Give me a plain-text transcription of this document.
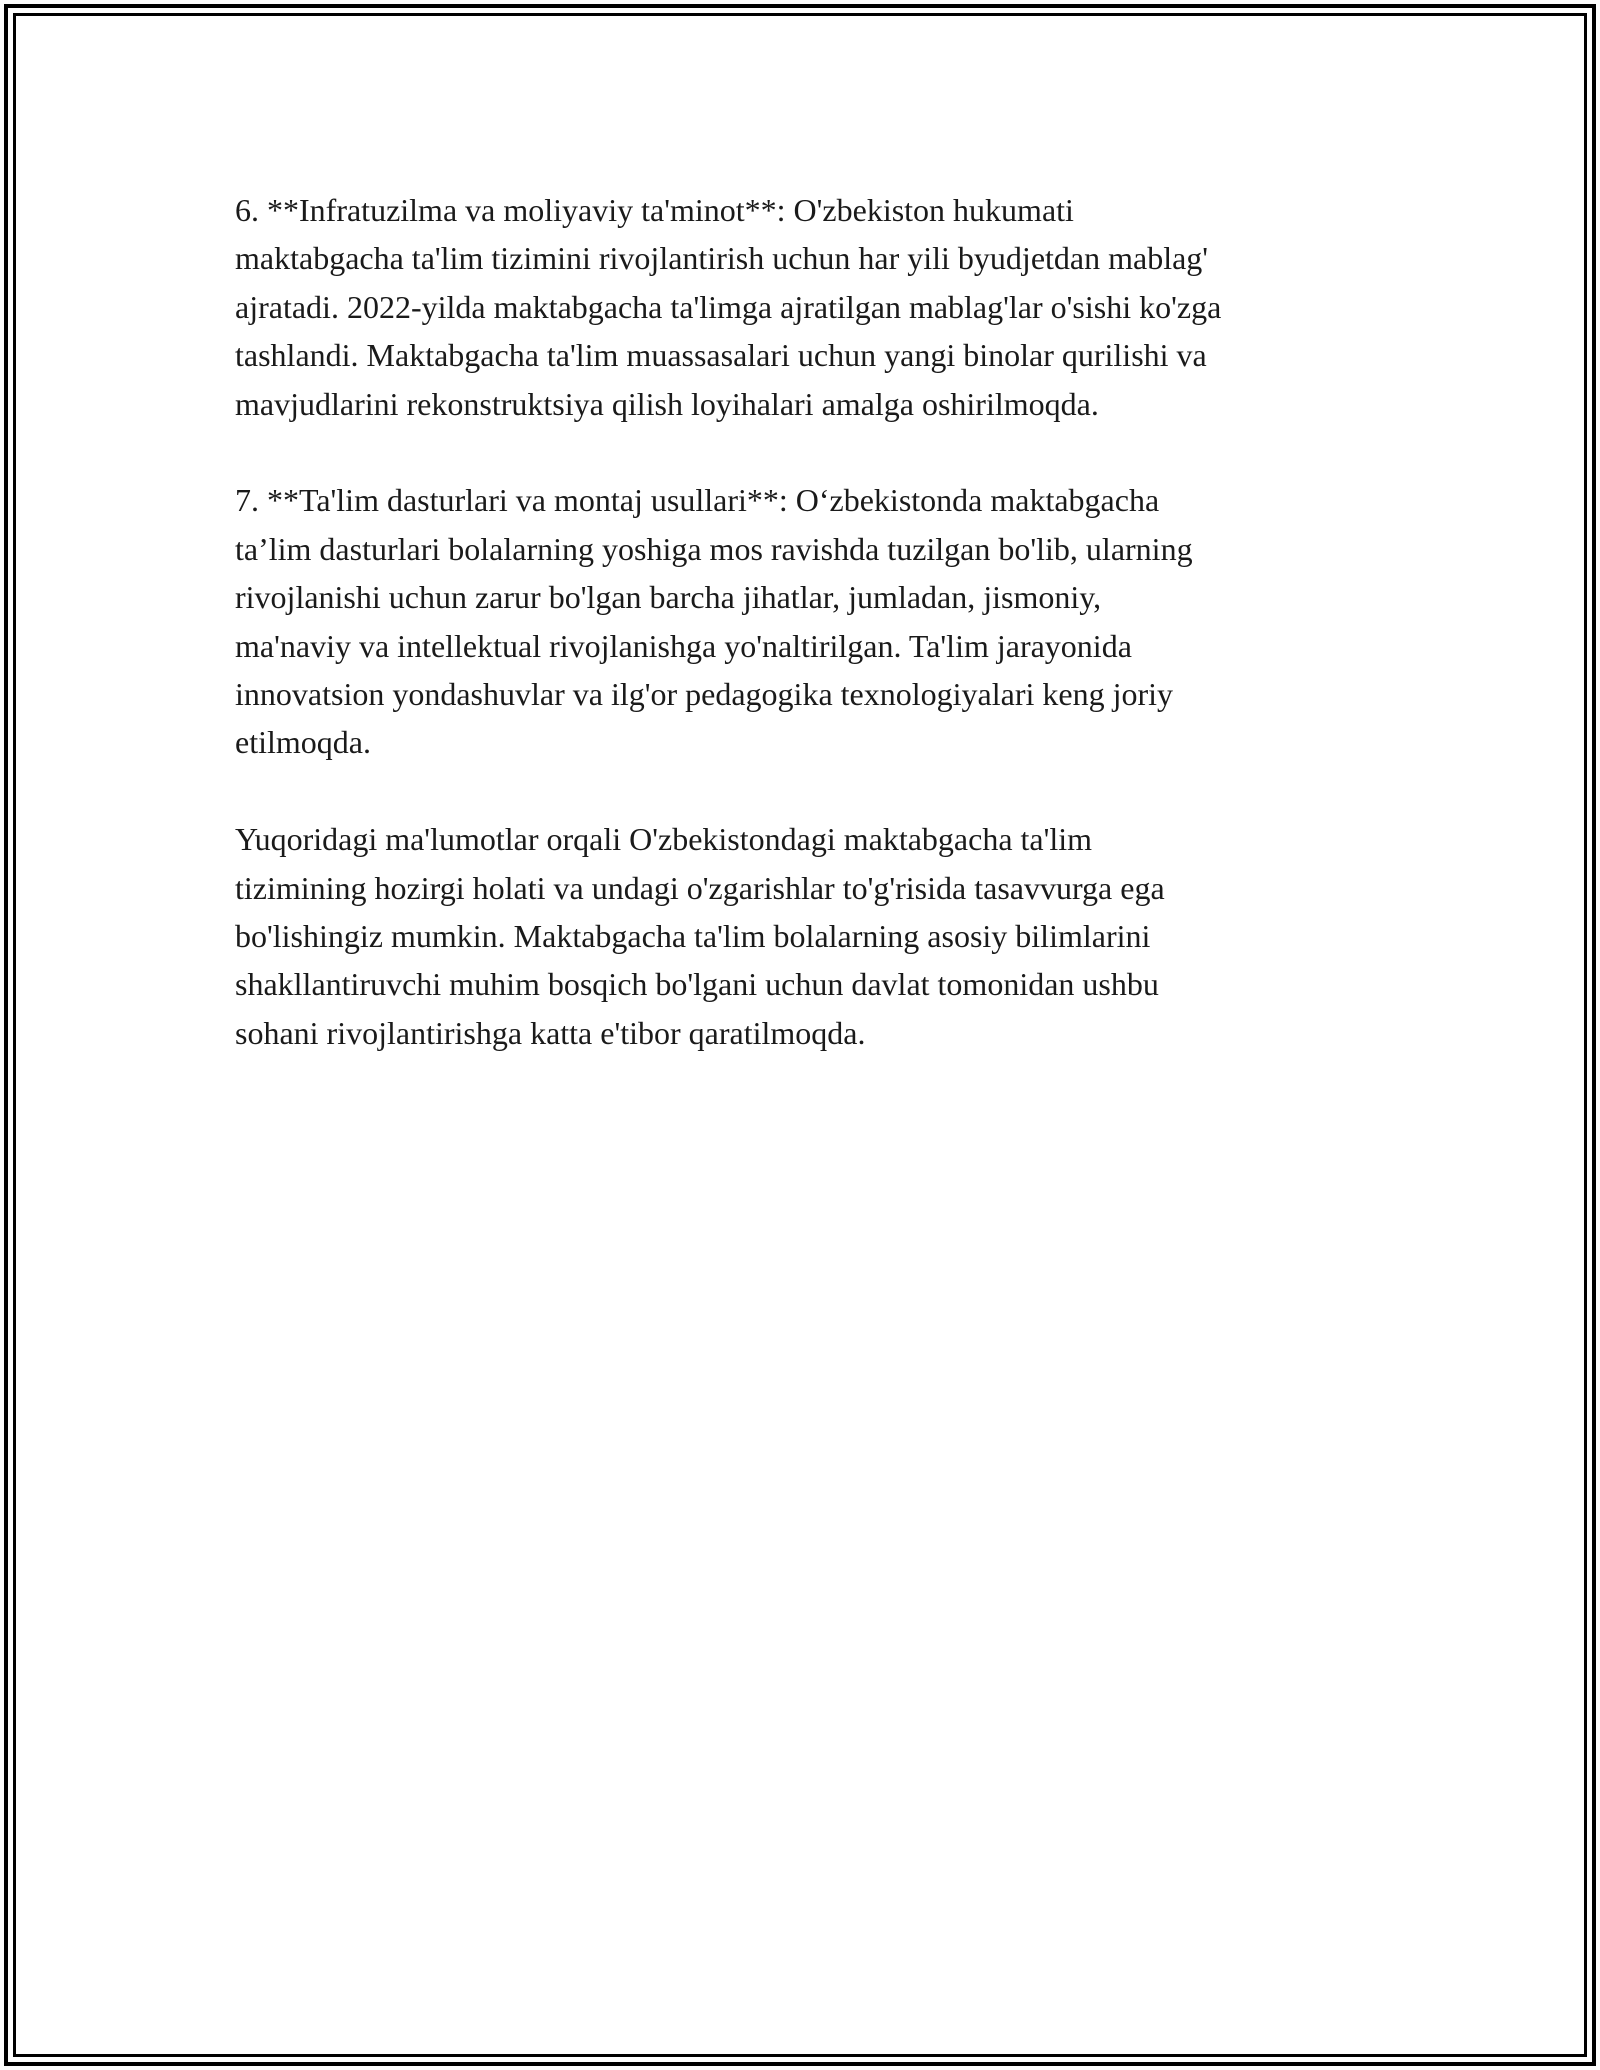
6. **Infratuzilma va moliyaviy ta'minot**: O'zbekiston hukumati
maktabgacha ta'lim tizimini rivojlantirish uchun har yili byudjetdan mablag'
ajratadi. 2022-yilda maktabgacha ta'limga ajratilgan mablag'lar o'sishi ko'zga
tashlandi. Maktabgacha ta'lim muassasalari uchun yangi binolar qurilishi va
mavjudlarini rekonstruktsiya qilish loyihalari amalga oshirilmoqda.

7. **Ta'lim dasturlari va montaj usullari**: O‘zbekistonda maktabgacha
ta’lim dasturlari bolalarning yoshiga mos ravishda tuzilgan bo'lib, ularning
rivojlanishi uchun zarur bo'lgan barcha jihatlar, jumladan, jismoniy,
ma'naviy va intellektual rivojlanishga yo'naltirilgan. Ta'lim jarayonida
innovatsion yondashuvlar va ilg'or pedagogika texnologiyalari keng joriy
etilmoqda.

Yuqoridagi ma'lumotlar orqali O'zbekistondagi maktabgacha ta'lim
tizimining hozirgi holati va undagi o'zgarishlar to'g'risida tasavvurga ega
bo'lishingiz mumkin. Maktabgacha ta'lim bolalarning asosiy bilimlarini
shakllantiruvchi muhim bosqich bo'lgani uchun davlat tomonidan ushbu
sohani rivojlantirishga katta e'tibor qaratilmoqda.
